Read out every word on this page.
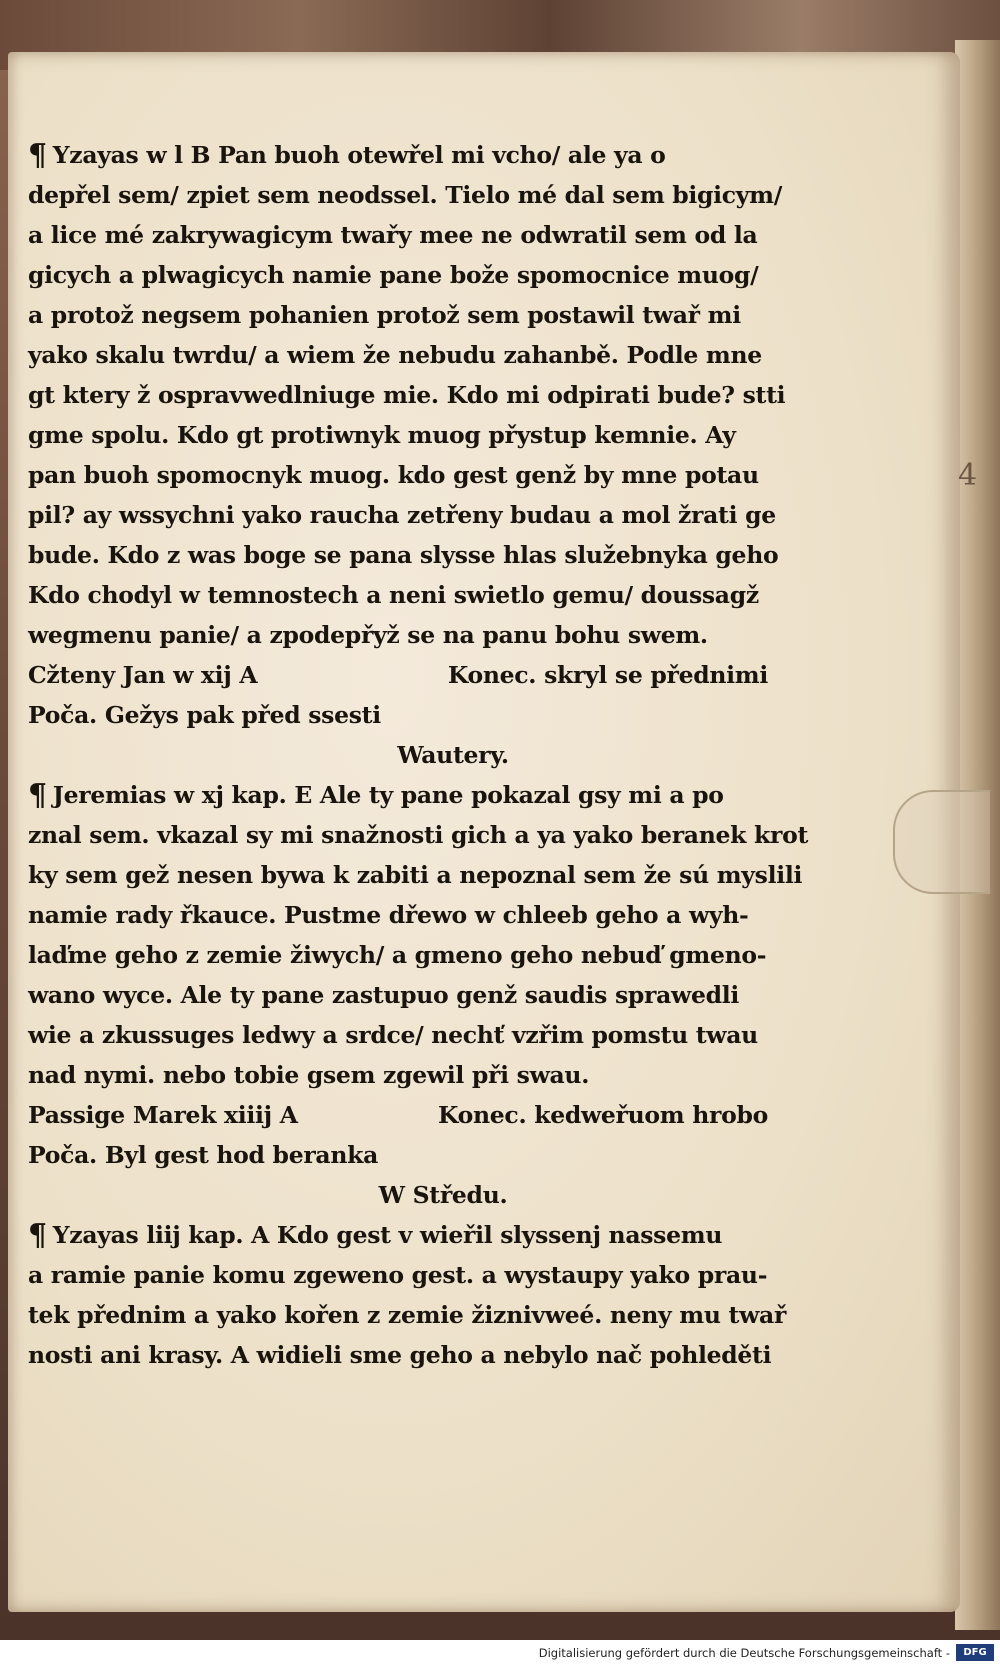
4
¶ Yzayas w l B Pan buoh otewřel mi vcho/ ale ya o
depřel sem/ zpiet sem neodssel. Tielo mé dal sem bigicym/
a lice mé zakrywagicym twařy mee ne odwratil sem od la
gicych a plwagicych namie pane bože spomocnice muog/
a protož negsem pohanien protož sem postawil twař mi
yako skalu twrdu/ a wiem že nebudu zahanbě. Podle mne
gt ktery ž ospravwedlniuge mie. Kdo mi odpirati bude? stti
gme spolu. Kdo gt protiwnyk muog přystup kemnie. Ay
pan buoh spomocnyk muog. kdo gest genž by mne potau
pil? ay wssychni yako raucha zetřeny budau a mol žrati ge
bude. Kdo z was boge se pana slysse hlas služebnyka geho
Kdo chodyl w temnostech a neni swietlo gemu/ doussagž
wegmenu panie/ a zpodepřyž se na panu bohu swem.
Cžteny Jan w xij A	Konec. skryl se přednimi
Poča. Gežys pak před ssesti
Wautery.
¶ Jeremias w xj kap. E Ale ty pane pokazal gsy mi a po
znal sem. vkazal sy mi snažnosti gich a ya yako beranek krot
ky sem gež nesen bywa k zabiti a nepoznal sem že sú myslili
namie rady řkauce. Pustme dřewo w chleeb geho a wyh-
laďme geho z zemie žiwych/ a gmeno geho nebuď gmeno-
wano wyce. Ale ty pane zastupuo genž saudis sprawedli
wie a zkussuges ledwy a srdce/ nechť vzřim pomstu twau
nad nymi. nebo tobie gsem zgewil při swau.
Passige Marek xiiij A	Konec. kedweřuom hrobo
Poča. Byl gest hod beranka
W Středu.
¶ Yzayas liij kap. A Kdo gest v wieřil slyssenj nassemu
a ramie panie komu zgeweno gest. a wystaupy yako prau-
tek přednim a yako kořen z zemie žiznivweé. neny mu twař
nosti ani krasy. A widieli sme geho a nebylo nač pohleděti
Digitalisierung gefördert durch die Deutsche Forschungsgemeinschaft -	DFG
